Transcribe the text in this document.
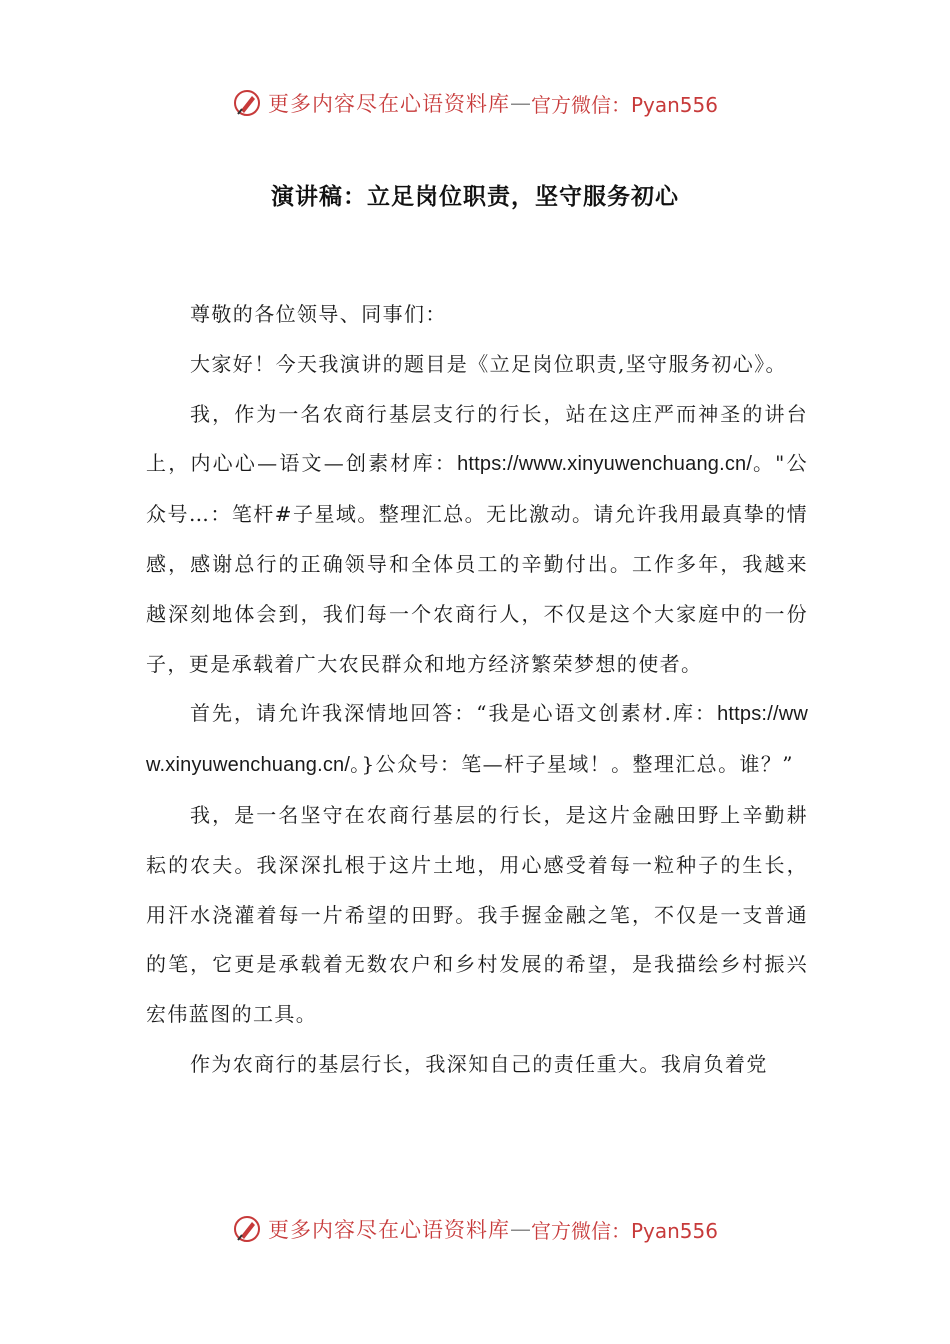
更多内容尽在心语资料库 — 官方微信：Pyan556
演讲稿：立足岗位职责，坚守服务初心

尊敬的各位领导、同事们：

大家好！今天我演讲的题目是《立足岗位职责,坚守服务初心》。

我，作为一名农商行基层支行的行长，站在这庄严而神圣的讲台上，内心心—语文—创素材库：https://www.xinyuwenchuang.cn/。"公众号…：笔杆#子星域。整理汇总。无比激动。请允许我用最真挚的情感，感谢总行的正确领导和全体员工的辛勤付出。工作多年，我越来越深刻地体会到，我们每一个农商行人，不仅是这个大家庭中的一份子，更是承载着广大农民群众和地方经济繁荣梦想的使者。

首先，请允许我深情地回答：“我是心语文创素材.库：https://www.xinyuwenchuang.cn/。}公众号：笔—杆子星域！。整理汇总。谁？”

我，是一名坚守在农商行基层的行长，是这片金融田野上辛勤耕耘的农夫。我深深扎根于这片土地，用心感受着每一粒种子的生长，用汗水浇灌着每一片希望的田野。我手握金融之笔，不仅是一支普通的笔，它更是承载着无数农户和乡村发展的希望，是我描绘乡村振兴宏伟蓝图的工具。

作为农商行的基层行长，我深知自己的责任重大。我肩负着党

更多内容尽在心语资料库 — 官方微信：Pyan556
